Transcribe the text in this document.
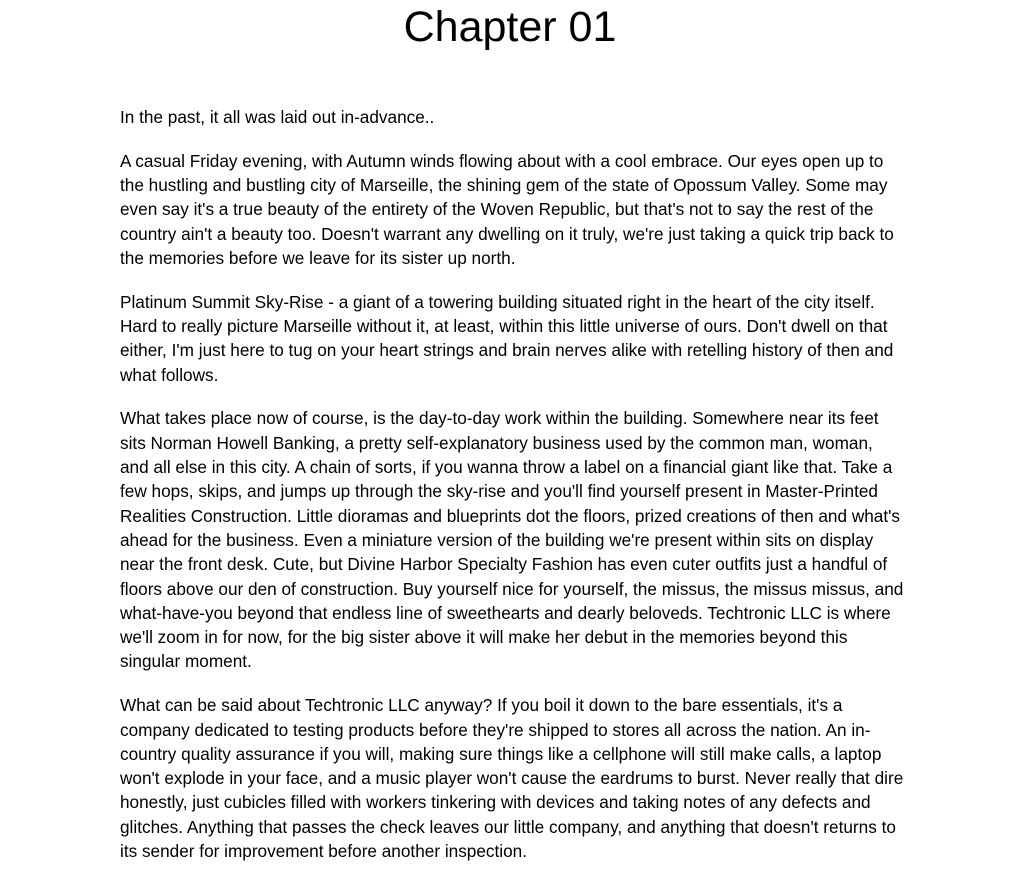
Chapter 01

In the past, it all was laid out in-advance..

A casual Friday evening, with Autumn winds flowing about with a cool embrace. Our eyes open up to the hustling and bustling city of Marseille, the shining gem of the state of Opossum Valley. Some may even say it's a true beauty of the entirety of the Woven Republic, but that's not to say the rest of the country ain't a beauty too. Doesn't warrant any dwelling on it truly, we're just taking a quick trip back to the memories before we leave for its sister up north.

Platinum Summit Sky-Rise - a giant of a towering building situated right in the heart of the city itself. Hard to really picture Marseille without it, at least, within this little universe of ours. Don't dwell on that either, I'm just here to tug on your heart strings and brain nerves alike with retelling history of then and what follows.

What takes place now of course, is the day-to-day work within the building. Somewhere near its feet sits Norman Howell Banking, a pretty self-explanatory business used by the common man, woman, and all else in this city. A chain of sorts, if you wanna throw a label on a financial giant like that. Take a few hops, skips, and jumps up through the sky-rise and you'll find yourself present in Master-Printed Realities Construction. Little dioramas and blueprints dot the floors, prized creations of then and what's ahead for the business. Even a miniature version of the building we're present within sits on display near the front desk. Cute, but Divine Harbor Specialty Fashion has even cuter outfits just a handful of floors above our den of construction. Buy yourself nice for yourself, the missus, the missus missus, and what-have-you beyond that endless line of sweethearts and dearly beloveds. Techtronic LLC is where we'll zoom in for now, for the big sister above it will make her debut in the memories beyond this singular moment.

What can be said about Techtronic LLC anyway? If you boil it down to the bare essentials, it's a company dedicated to testing products before they're shipped to stores all across the nation. An in-country quality assurance if you will, making sure things like a cellphone will still make calls, a laptop won't explode in your face, and a music player won't cause the eardrums to burst. Never really that dire honestly, just cubicles filled with workers tinkering with devices and taking notes of any defects and glitches. Anything that passes the check leaves our little company, and anything that doesn't returns to its sender for improvement before another inspection.
